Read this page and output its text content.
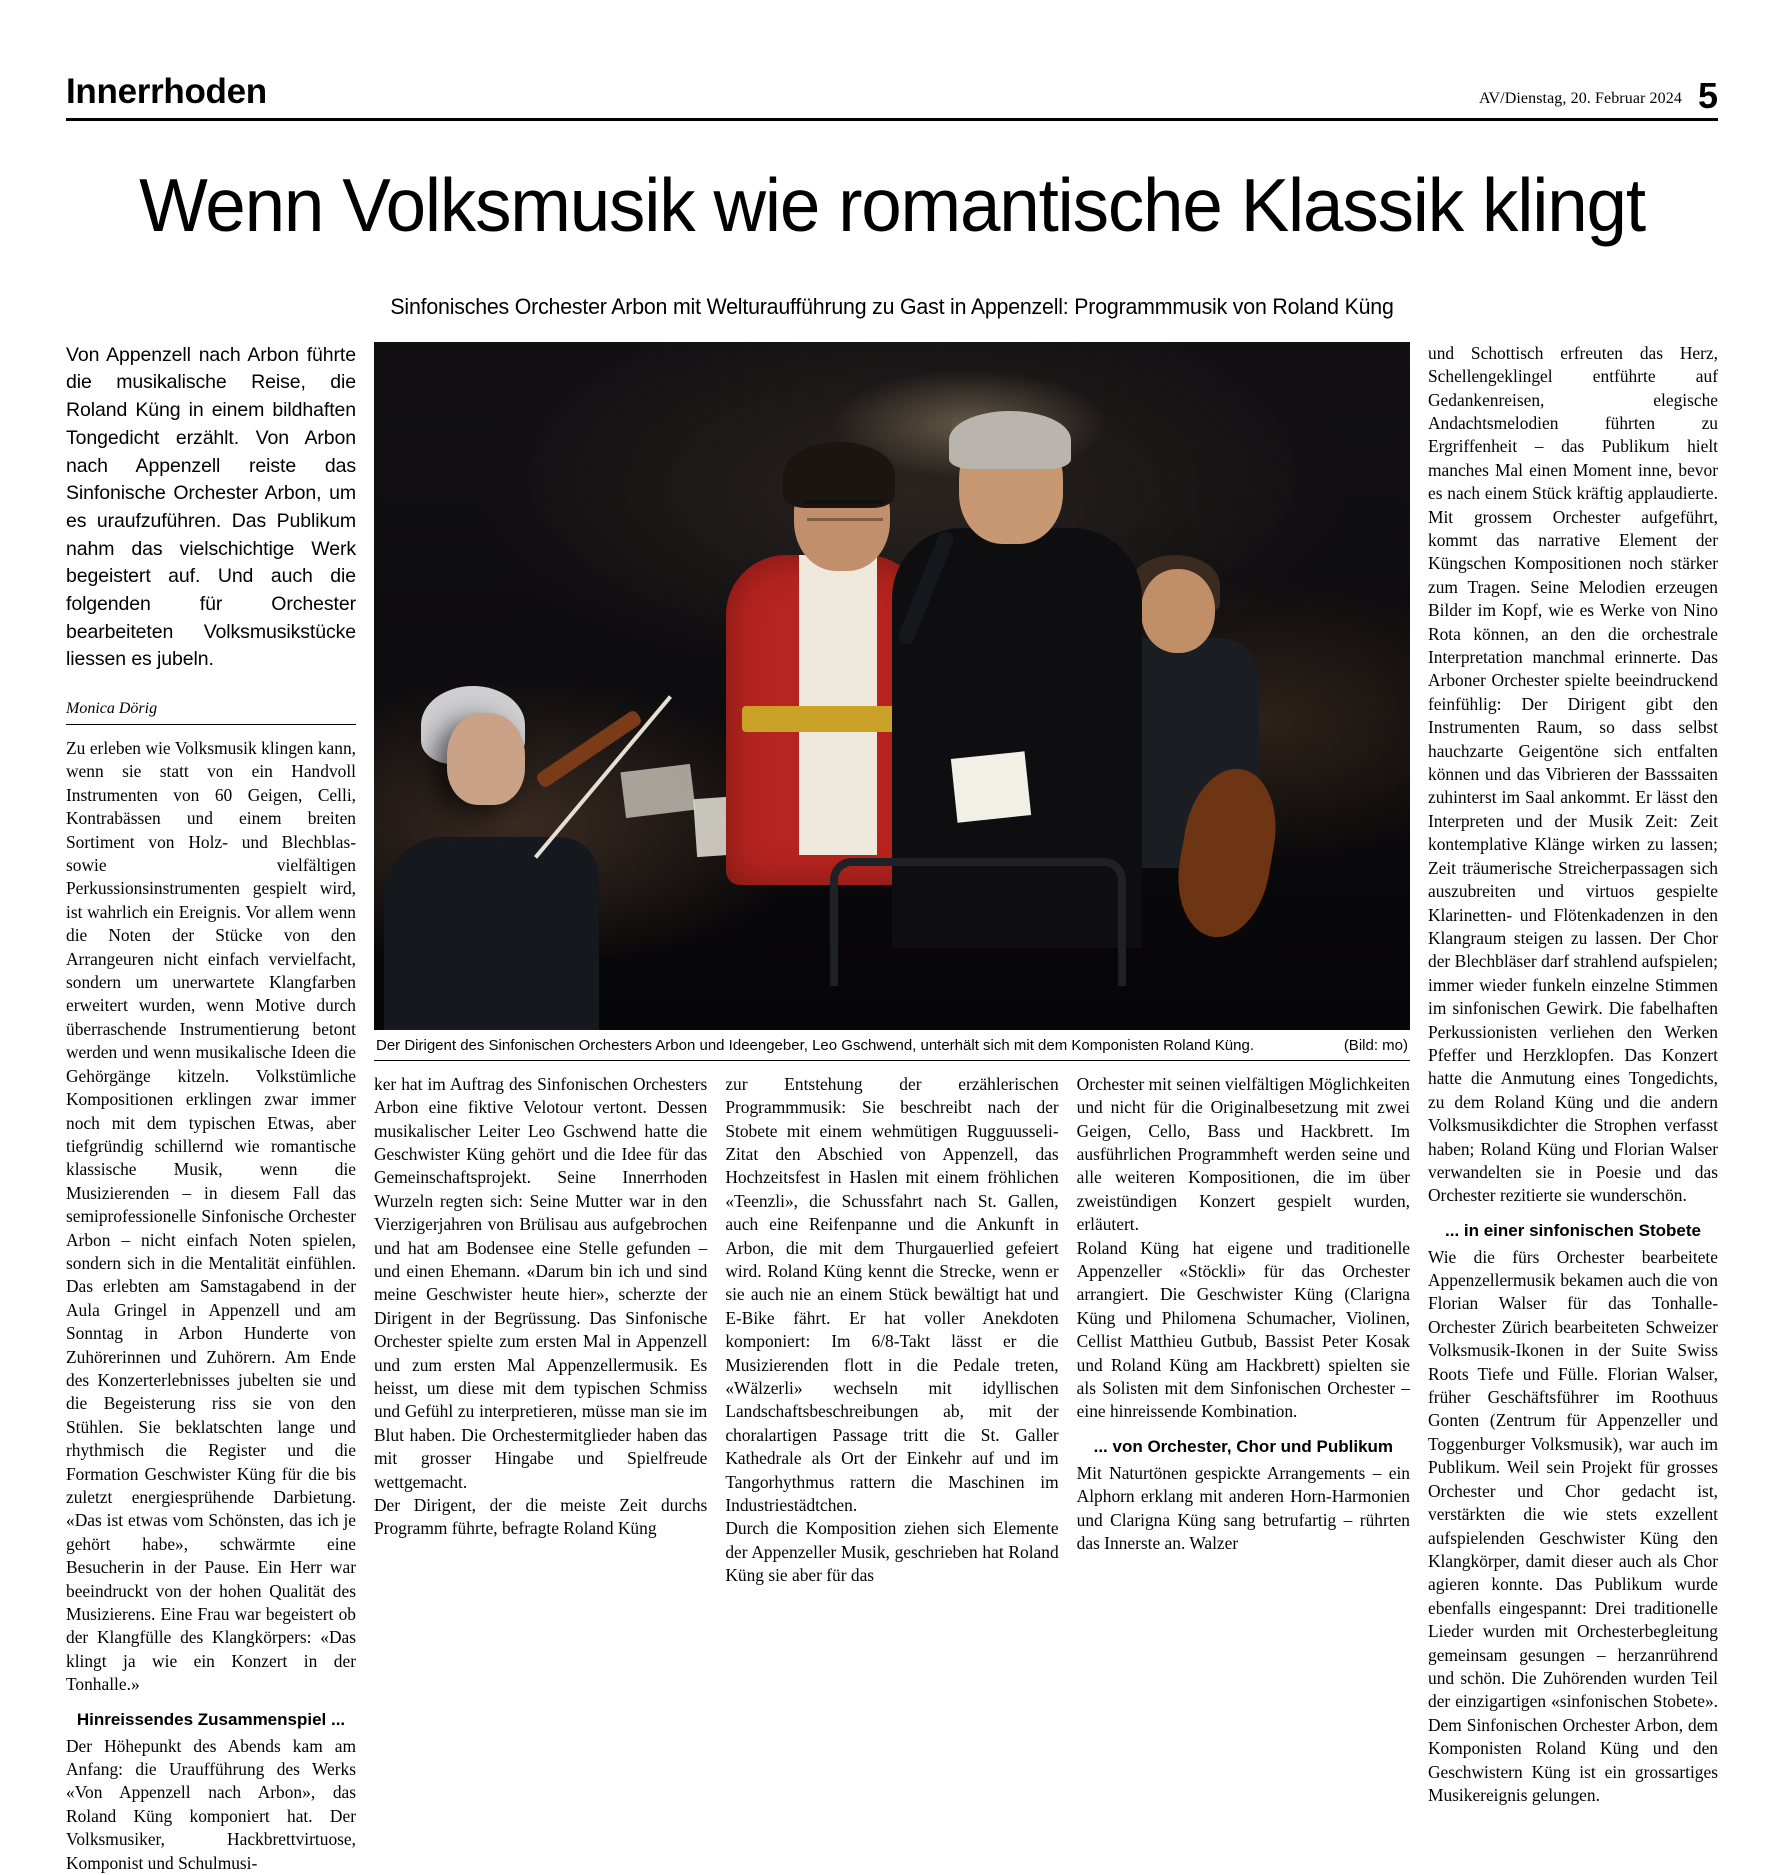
Innerrhoden	AV/Dienstag, 20. Februar 2024 5
Wenn Volksmusik wie romantische Klassik klingt
Sinfonisches Orchester Arbon mit Welturaufführung zu Gast in Appenzell: Programmmusik von Roland Küng
Von Appenzell nach Arbon führte die musikalische Reise, die Roland Küng in einem bildhaften Tongedicht erzählt. Von Arbon nach Appenzell reiste das Sinfonische Orchester Arbon, um es uraufzuführen. Das Publikum nahm das vielschichtige Werk begeistert auf. Und auch die folgenden für Orchester bearbeiteten Volksmusikstücke liessen es jubeln.
Monica Dörig

Zu erleben wie Volksmusik klingen kann, wenn sie statt von ein Handvoll Instrumenten von 60 Geigen, Celli, Kontrabässen und einem breiten Sortiment von Holz- und Blechblas- sowie vielfältigen Perkussionsinstrumenten gespielt wird, ist wahrlich ein Ereignis. Vor allem wenn die Noten der Stücke von den Arrangeuren nicht einfach vervielfacht, sondern um unerwartete Klangfarben erweitert wurden, wenn Motive durch überraschende Instrumentierung betont werden und wenn musikalische Ideen die Gehörgänge kitzeln. Volkstümliche Kompositionen erklingen zwar immer noch mit dem typischen Etwas, aber tiefgründig schillernd wie romantische klassische Musik, wenn die Musizierenden – in diesem Fall das semiprofessionelle Sinfonische Orchester Arbon – nicht einfach Noten spielen, sondern sich in die Mentalität einfühlen. Das erlebten am Samstagabend in der Aula Gringel in Appenzell und am Sonntag in Arbon Hunderte von Zuhörerinnen und Zuhörern. Am Ende des Konzerterlebnisses jubelten sie und die Begeisterung riss sie von den Stühlen. Sie beklatschten lange und rhythmisch die Register und die Formation Geschwister Küng für die bis zuletzt energiesprühende Darbietung. «Das ist etwas vom Schönsten, das ich je gehört habe», schwärmte eine Besucherin in der Pause. Ein Herr war beeindruckt von der hohen Qualität des Musizierens. Eine Frau war begeistert ob der Klangfülle des Klangkörpers: «Das klingt ja wie ein Konzert in der Tonhalle.»

Hinreissendes Zusammenspiel ...

Der Höhepunkt des Abends kam am Anfang: die Uraufführung des Werks «Von Appenzell nach Arbon», das Roland Küng komponiert hat. Der Volksmusiker, Hackbrettvirtuose, Komponist und Schulmusi-

Der Dirigent des Sinfonischen Orchesters Arbon und Ideengeber, Leo Gschwend, unterhält sich mit dem Komponisten Roland Küng.	(Bild: mo)

ker hat im Auftrag des Sinfonischen Orchesters Arbon eine fiktive Velotour vertont. Dessen musikalischer Leiter Leo Gschwend hatte die Geschwister Küng gehört und die Idee für das Gemeinschaftsprojekt. Seine Innerrhoden Wurzeln regten sich: Seine Mutter war in den Vierzigerjahren von Brülisau aus aufgebrochen und hat am Bodensee eine Stelle gefunden – und einen Ehemann. «Darum bin ich und sind meine Geschwister heute hier», scherzte der Dirigent in der Begrüssung. Das Sinfonische Orchester spielte zum ersten Mal in Appenzell und zum ersten Mal Appenzellermusik. Es heisst, um diese mit dem typischen Schmiss und Gefühl zu interpretieren, müsse man sie im Blut haben. Die Orchestermitglieder haben das mit grosser Hingabe und Spielfreude wettgemacht.

Der Dirigent, der die meiste Zeit durchs Programm führte, befragte Roland Küng

zur Entstehung der erzählerischen Programmmusik: Sie beschreibt nach der Stobete mit einem wehmütigen Rugguusseli-Zitat den Abschied von Appenzell, das Hochzeitsfest in Haslen mit einem fröhlichen «Teenzli», die Schussfahrt nach St. Gallen, auch eine Reifenpanne und die Ankunft in Arbon, die mit dem Thurgauerlied gefeiert wird. Roland Küng kennt die Strecke, wenn er sie auch nie an einem Stück bewältigt hat und E-Bike fährt. Er hat voller Anekdoten komponiert: Im 6/8-Takt lässt er die Musizierenden flott in die Pedale treten, «Wälzerli» wechseln mit idyllischen Landschaftsbeschreibungen ab, mit der choralartigen Passage tritt die St. Galler Kathedrale als Ort der Einkehr auf und im Tangorhythmus rattern die Maschinen im Industriestädtchen.

Durch die Komposition ziehen sich Elemente der Appenzeller Musik, geschrieben hat Roland Küng sie aber für das

Orchester mit seinen vielfältigen Möglichkeiten und nicht für die Originalbesetzung mit zwei Geigen, Cello, Bass und Hackbrett. Im ausführlichen Programmheft werden seine und alle weiteren Kompositionen, die im über zweistündigen Konzert gespielt wurden, erläutert.

Roland Küng hat eigene und traditionelle Appenzeller «Stöckli» für das Orchester arrangiert. Die Geschwister Küng (Clarigna Küng und Philomena Schumacher, Violinen, Cellist Matthieu Gutbub, Bassist Peter Kosak und Roland Küng am Hackbrett) spielten sie als Solisten mit dem Sinfonischen Orchester – eine hinreissende Kombination.

... von Orchester, Chor und Publikum

Mit Naturtönen gespickte Arrangements – ein Alphorn erklang mit anderen Horn-Harmonien und Clarigna Küng sang betrufartig – rührten das Innerste an. Walzer

und Schottisch erfreuten das Herz, Schellengeklingel entführte auf Gedankenreisen, elegische Andachtsmelodien führten zu Ergriffenheit – das Publikum hielt manches Mal einen Moment inne, bevor es nach einem Stück kräftig applaudierte. Mit grossem Orchester aufgeführt, kommt das narrative Element der Küngschen Kompositionen noch stärker zum Tragen. Seine Melodien erzeugen Bilder im Kopf, wie es Werke von Nino Rota können, an den die orchestrale Interpretation manchmal erinnerte. Das Arboner Orchester spielte beeindruckend feinfühlig: Der Dirigent gibt den Instrumenten Raum, so dass selbst hauchzarte Geigentöne sich entfalten können und das Vibrieren der Basssaiten zuhinterst im Saal ankommt. Er lässt den Interpreten und der Musik Zeit: Zeit kontemplative Klänge wirken zu lassen; Zeit träumerische Streicherpassagen sich auszubreiten und virtuos gespielte Klarinetten- und Flötenkadenzen in den Klangraum steigen zu lassen. Der Chor der Blechbläser darf strahlend aufspielen; immer wieder funkeln einzelne Stimmen im sinfonischen Gewirk. Die fabelhaften Perkussionisten verliehen den Werken Pfeffer und Herzklopfen. Das Konzert hatte die Anmutung eines Tongedichts, zu dem Roland Küng und die andern Volksmusikdichter die Strophen verfasst haben; Roland Küng und Florian Walser verwandelten sie in Poesie und das Orchester rezitierte sie wunderschön.

... in einer sinfonischen Stobete

Wie die fürs Orchester bearbeitete Appenzellermusik bekamen auch die von Florian Walser für das Tonhalle-Orchester Zürich bearbeiteten Schweizer Volksmusik-Ikonen in der Suite Swiss Roots Tiefe und Fülle. Florian Walser, früher Geschäftsführer im Roothuus Gonten (Zentrum für Appenzeller und Toggenburger Volksmusik), war auch im Publikum. Weil sein Projekt für grosses Orchester und Chor gedacht ist, verstärkten die wie stets exzellent aufspielenden Geschwister Küng den Klangkörper, damit dieser auch als Chor agieren konnte. Das Publikum wurde ebenfalls eingespannt: Drei traditionelle Lieder wurden mit Orchesterbegleitung gemeinsam gesungen – herzanrührend und schön. Die Zuhörenden wurden Teil der einzigartigen «sinfonischen Stobete». Dem Sinfonischen Orchester Arbon, dem Komponisten Roland Küng und den Geschwistern Küng ist ein grossartiges Musikereignis gelungen.
